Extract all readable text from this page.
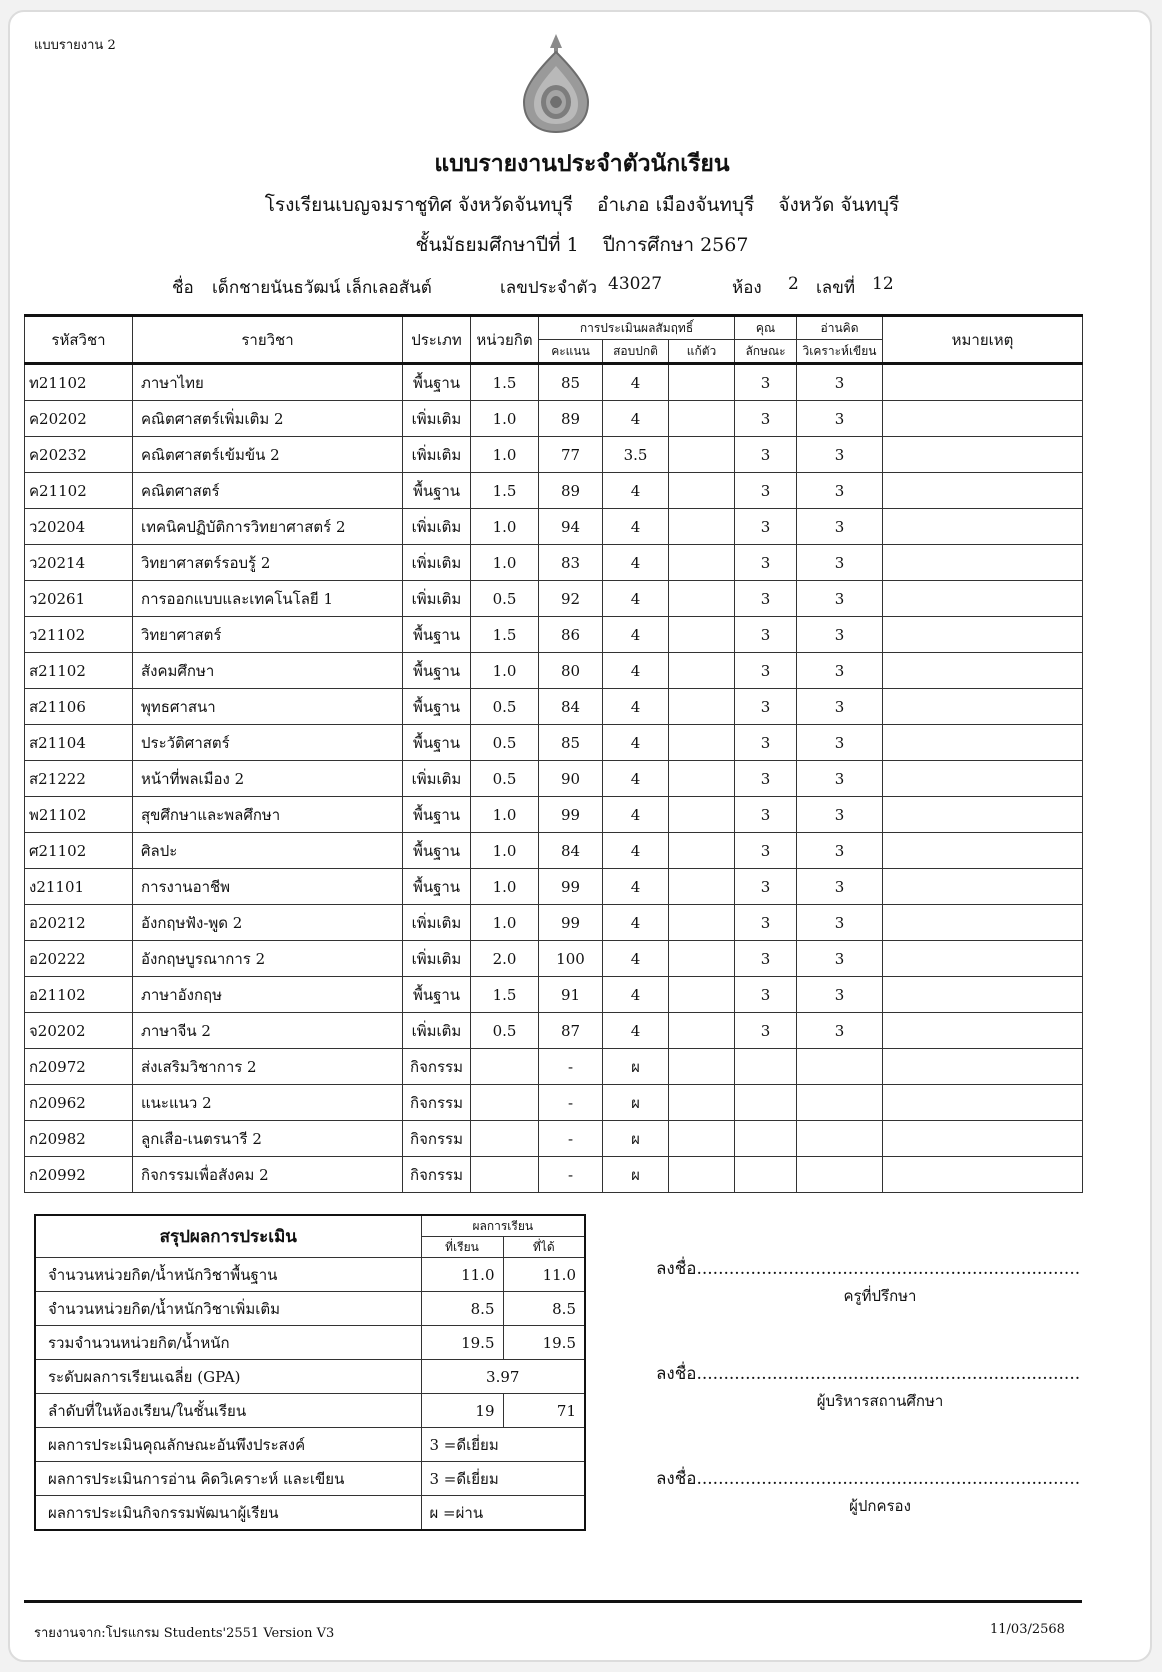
แบบรายงาน 2
แบบรายงานประจำตัวนักเรียน
โรงเรียนเบญจมราชูทิศ จังหวัดจันทบุรี    อำเภอ เมืองจันทบุรี    จังหวัด จันทบุรี
ชั้นมัธยมศึกษาปีที่ 1    ปีการศึกษา 2567
ชื่อ เด็กชายนันธวัฒน์ เล็กเลอสันต์	เลขประจำตัว 43027	ห้อง 2 เลขที่ 12
รหัสวิชา	รายวิชา	ประเภท	หน่วยกิต	การประเมินผลสัมฤทธิ์			คุณ	อ่านคิด	หมายเหตุ
				คะแนน	สอบปกติ	แก้ตัว	ลักษณะ	วิเคราะห์เขียน	
ท21102	ภาษาไทย	พื้นฐาน	1.5	85	4		3	3	
ค20202	คณิตศาสตร์เพิ่มเติม 2	เพิ่มเติม	1.0	89	4		3	3	
ค20232	คณิตศาสตร์เข้มข้น 2	เพิ่มเติม	1.0	77	3.5		3	3	
ค21102	คณิตศาสตร์	พื้นฐาน	1.5	89	4		3	3	
ว20204	เทคนิคปฏิบัติการวิทยาศาสตร์ 2	เพิ่มเติม	1.0	94	4		3	3	
ว20214	วิทยาศาสตร์รอบรู้ 2	เพิ่มเติม	1.0	83	4		3	3	
ว20261	การออกแบบและเทคโนโลยี 1	เพิ่มเติม	0.5	92	4		3	3	
ว21102	วิทยาศาสตร์	พื้นฐาน	1.5	86	4		3	3	
ส21102	สังคมศึกษา	พื้นฐาน	1.0	80	4		3	3	
ส21106	พุทธศาสนา	พื้นฐาน	0.5	84	4		3	3	
ส21104	ประวัติศาสตร์	พื้นฐาน	0.5	85	4		3	3	
ส21222	หน้าที่พลเมือง 2	เพิ่มเติม	0.5	90	4		3	3	
พ21102	สุขศึกษาและพลศึกษา	พื้นฐาน	1.0	99	4		3	3	
ศ21102	ศิลปะ	พื้นฐาน	1.0	84	4		3	3	
ง21101	การงานอาชีพ	พื้นฐาน	1.0	99	4		3	3	
อ20212	อังกฤษฟัง-พูด 2	เพิ่มเติม	1.0	99	4		3	3	
อ20222	อังกฤษบูรณาการ 2	เพิ่มเติม	2.0	100	4		3	3	
อ21102	ภาษาอังกฤษ	พื้นฐาน	1.5	91	4		3	3	
จ20202	ภาษาจีน 2	เพิ่มเติม	0.5	87	4		3	3	
ก20972	ส่งเสริมวิชาการ 2	กิจกรรม		-	ผ				
ก20962	แนะแนว 2	กิจกรรม		-	ผ				
ก20982	ลูกเสือ-เนตรนารี 2	กิจกรรม		-	ผ				
ก20992	กิจกรรมเพื่อสังคม 2	กิจกรรม		-	ผ				
สรุปผลการประเมิน	ผลการเรียน	
	ที่เรียน	ที่ได้
จำนวนหน่วยกิต/น้ำหนักวิชาพื้นฐาน	11.0	11.0
จำนวนหน่วยกิต/น้ำหนักวิชาเพิ่มเติม	8.5	8.5
รวมจำนวนหน่วยกิต/น้ำหนัก	19.5	19.5
ระดับผลการเรียนเฉลี่ย (GPA)	3.97	
ลำดับที่ในห้องเรียน/ในชั้นเรียน	19	71
ผลการประเมินคุณลักษณะอันพึงประสงค์	3 =ดีเยี่ยม	
ผลการประเมินการอ่าน คิดวิเคราะห์ และเขียน	3 =ดีเยี่ยม	
ผลการประเมินกิจกรรมพัฒนาผู้เรียน	ผ =ผ่าน	
ลงชื่อ.......................................................................
ครูที่ปรึกษา
ลงชื่อ.......................................................................
ผู้บริหารสถานศึกษา
ลงชื่อ.......................................................................
ผู้ปกครอง
รายงานจาก:โปรแกรม Students'2551 Version V3	11/03/2568
